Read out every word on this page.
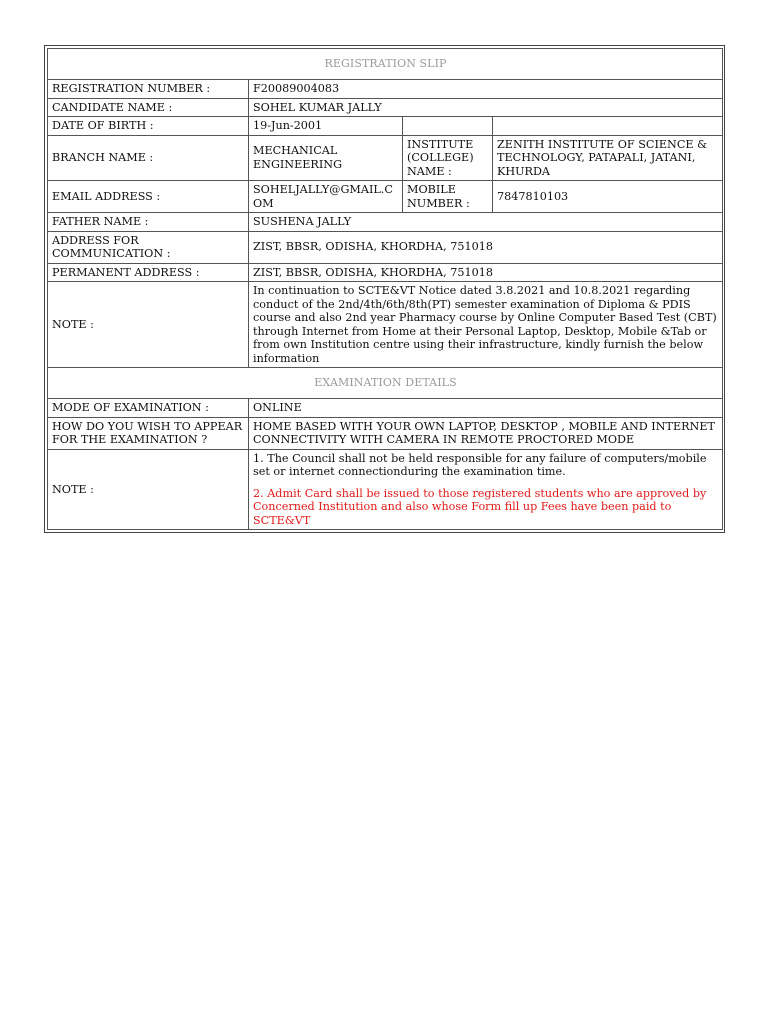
REGISTRATION SLIP			
REGISTRATION NUMBER :	F20089004083		
CANDIDATE NAME :	SOHEL KUMAR JALLY		
DATE OF BIRTH :	19-Jun-2001		
BRANCH NAME :	MECHANICAL ENGINEERING	INSTITUTE (COLLEGE) NAME :	ZENITH INSTITUTE OF SCIENCE & TECHNOLOGY, PATAPALI, JATANI, KHURDA
EMAIL ADDRESS :	SOHELJALLY@GMAIL.COM	MOBILE NUMBER :	7847810103
FATHER NAME :	SUSHENA JALLY		
ADDRESS FOR COMMUNICATION :	ZIST, BBSR, ODISHA, KHORDHA, 751018		
PERMANENT ADDRESS :	ZIST, BBSR, ODISHA, KHORDHA, 751018		
NOTE :	In continuation to SCTE&VT Notice dated 3.8.2021 and 10.8.2021 regarding conduct of the 2nd/4th/6th/8th(PT) semester examination of Diploma & PDIS course and also 2nd year Pharmacy course by Online Computer Based Test (CBT) through Internet from Home at their Personal Laptop, Desktop, Mobile &Tab or from own Institution centre using their infrastructure, kindly furnish the below information		
EXAMINATION DETAILS			
MODE OF EXAMINATION :	ONLINE		
HOW DO YOU WISH TO APPEAR FOR THE EXAMINATION ?	HOME BASED WITH YOUR OWN LAPTOP, DESKTOP , MOBILE AND INTERNET CONNECTIVITY WITH CAMERA IN REMOTE PROCTORED MODE		
NOTE :	1. The Council shall not be held responsible for any failure of computers/mobile set or internet connectionduring the examination time.

2. Admit Card shall be issued to those registered students who are approved by Concerned Institution and also whose Form fill up Fees have been paid to SCTE&VT		
